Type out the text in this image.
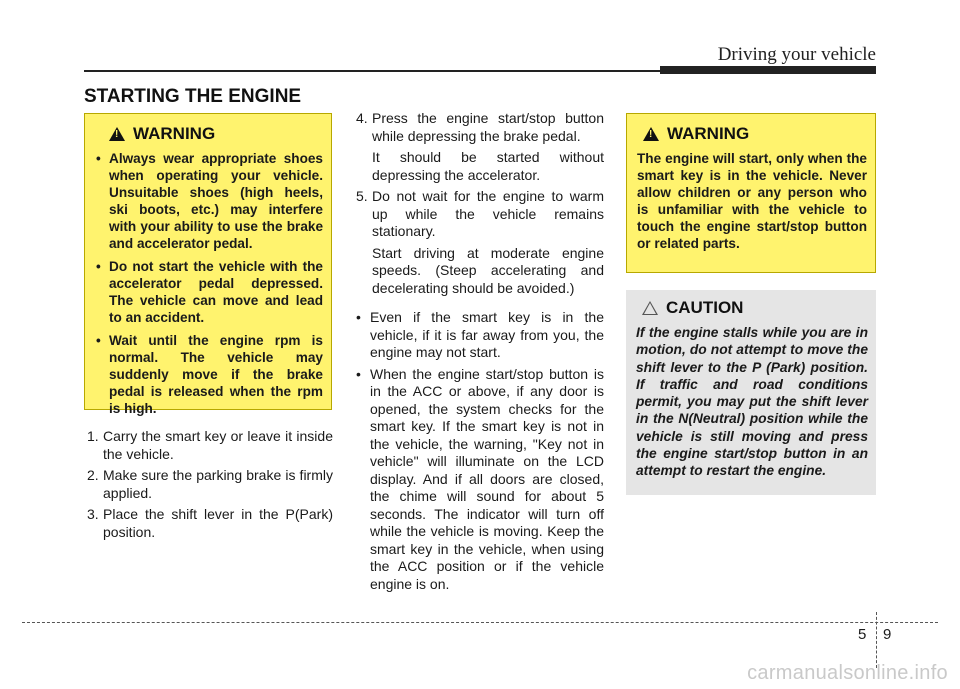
Driving your vehicle
STARTING THE ENGINE
!
WARNING
• Always wear appropriate shoes when operating your vehicle. Unsuitable shoes (high heels, ski boots, etc.) may interfere with your ability to use the brake and accelerator pedal.
• Do not start the vehicle with the accelerator pedal depressed. The vehicle can move and lead to an accident.
• Wait until the engine rpm is normal. The vehicle may suddenly move if the brake pedal is released when the rpm is high.
1. Carry the smart key or leave it inside the vehicle.
2. Make sure the parking brake is firmly applied.
3. Place the shift lever in the P(Park) position.
4. Press the engine start/stop button while depressing the brake pedal.
It should be started without depressing the accelerator.
5. Do not wait for the engine to warm up while the vehicle remains stationary.
Start driving at moderate engine speeds. (Steep accelerating and decelerating should be avoided.)
• Even if the smart key is in the vehicle, if it is far away from you, the engine may not start.
• When the engine start/stop button is in the ACC or above, if any door is opened, the system checks for the smart key. If the smart key is not in the vehicle, the warning, "Key not in vehicle" will illuminate on the LCD display. And if all doors are closed, the chime will sound for about 5 seconds. The indicator will turn off while the vehicle is moving. Keep the smart key in the vehicle, when using the ACC position or if the vehicle engine is on.
!
WARNING
The engine will start, only when the smart key is in the vehicle. Never allow children or any person who is unfamiliar with the vehicle to touch the engine start/stop button or related parts.
CAUTION
If the engine stalls while you are in motion, do not attempt to move the shift lever to the P (Park) position. If traffic and road conditions permit, you may put the shift lever in the N(Neutral) position while the vehicle is still moving and press the engine start/stop button in an attempt to restart the engine.
5 9
carmanualsonline.info
